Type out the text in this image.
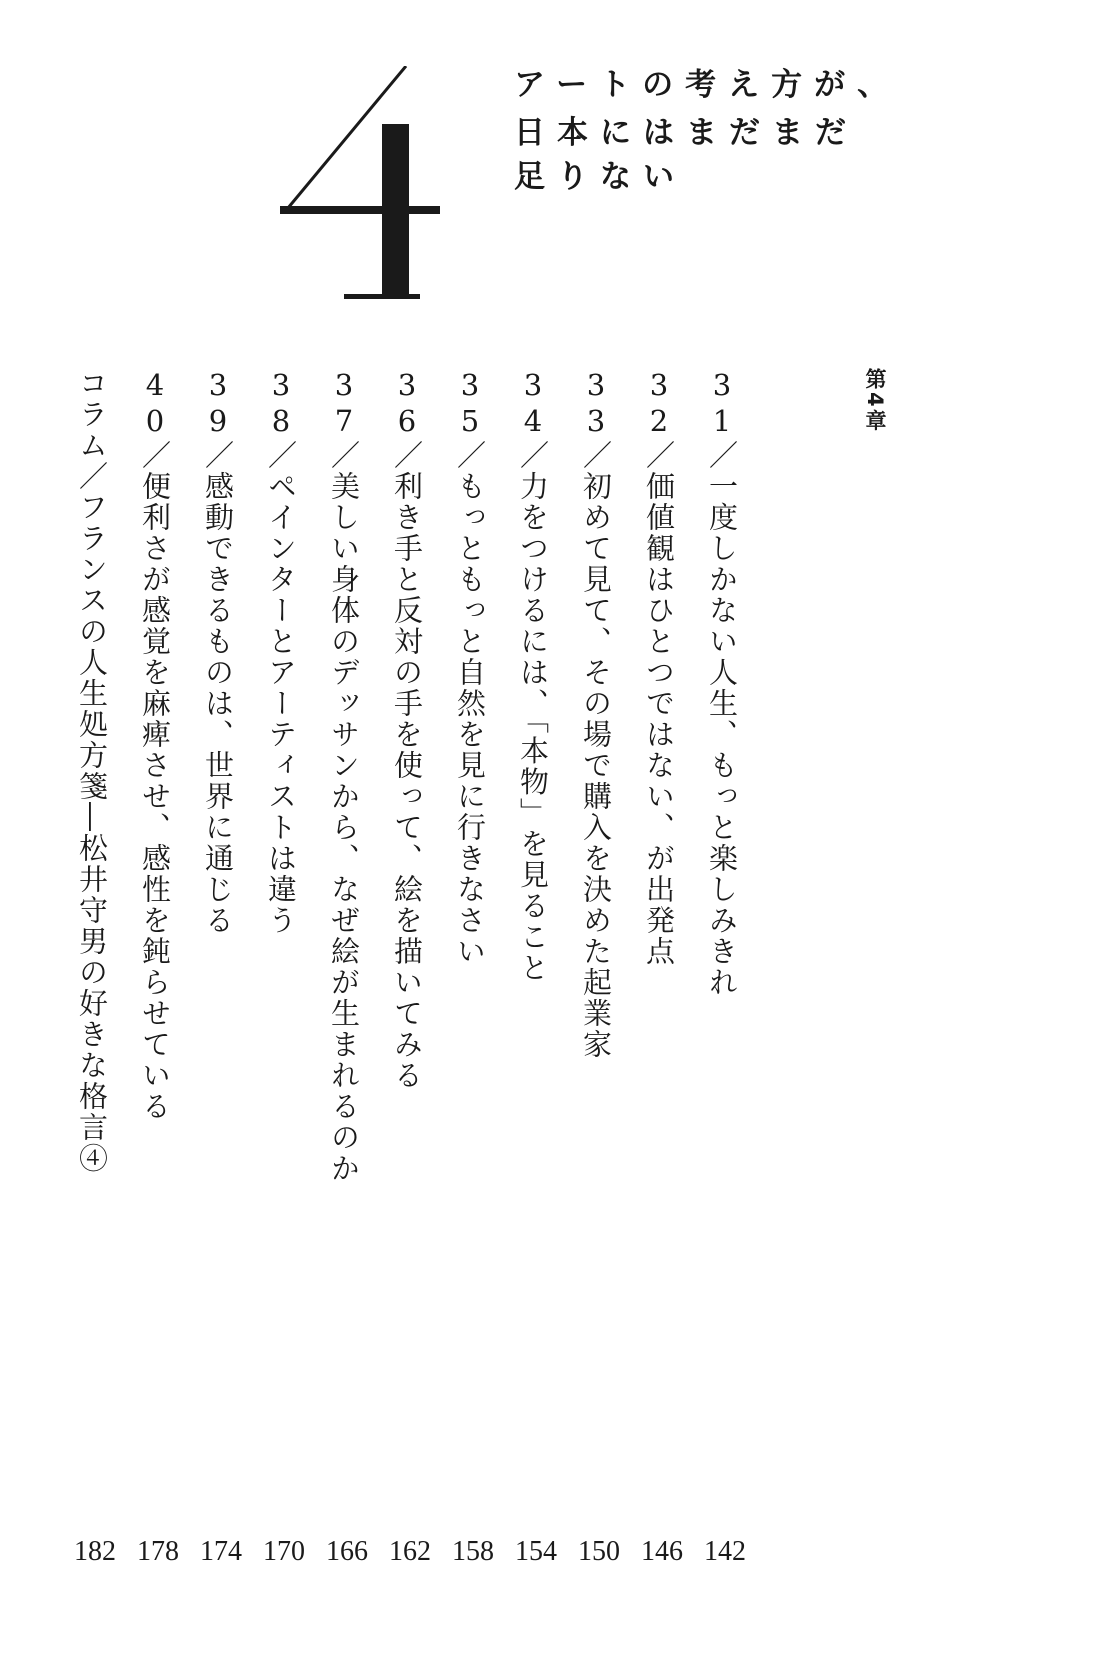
アートの考え方が、

日本にはまだまだ

足りない

第4章
31／一度しかない人生、もっと楽しみきれ
142
32／価値観はひとつではない、が出発点
146
33／初めて見て、その場で購入を決めた起業家
150
34／力をつけるには、「本物」を見ること
154
35／もっともっと自然を見に行きなさい
158
36／利き手と反対の手を使って、絵を描いてみる
162
37／美しい身体のデッサンから、なぜ絵が生まれるのか
166
38／ペインターとアーティストは違う
170
39／感動できるものは、世界に通じる
174
40／便利さが感覚を麻痺させ、感性を鈍らせている
178
コラム／フランスの人生処方箋―松井守男の好きな格言④
182
